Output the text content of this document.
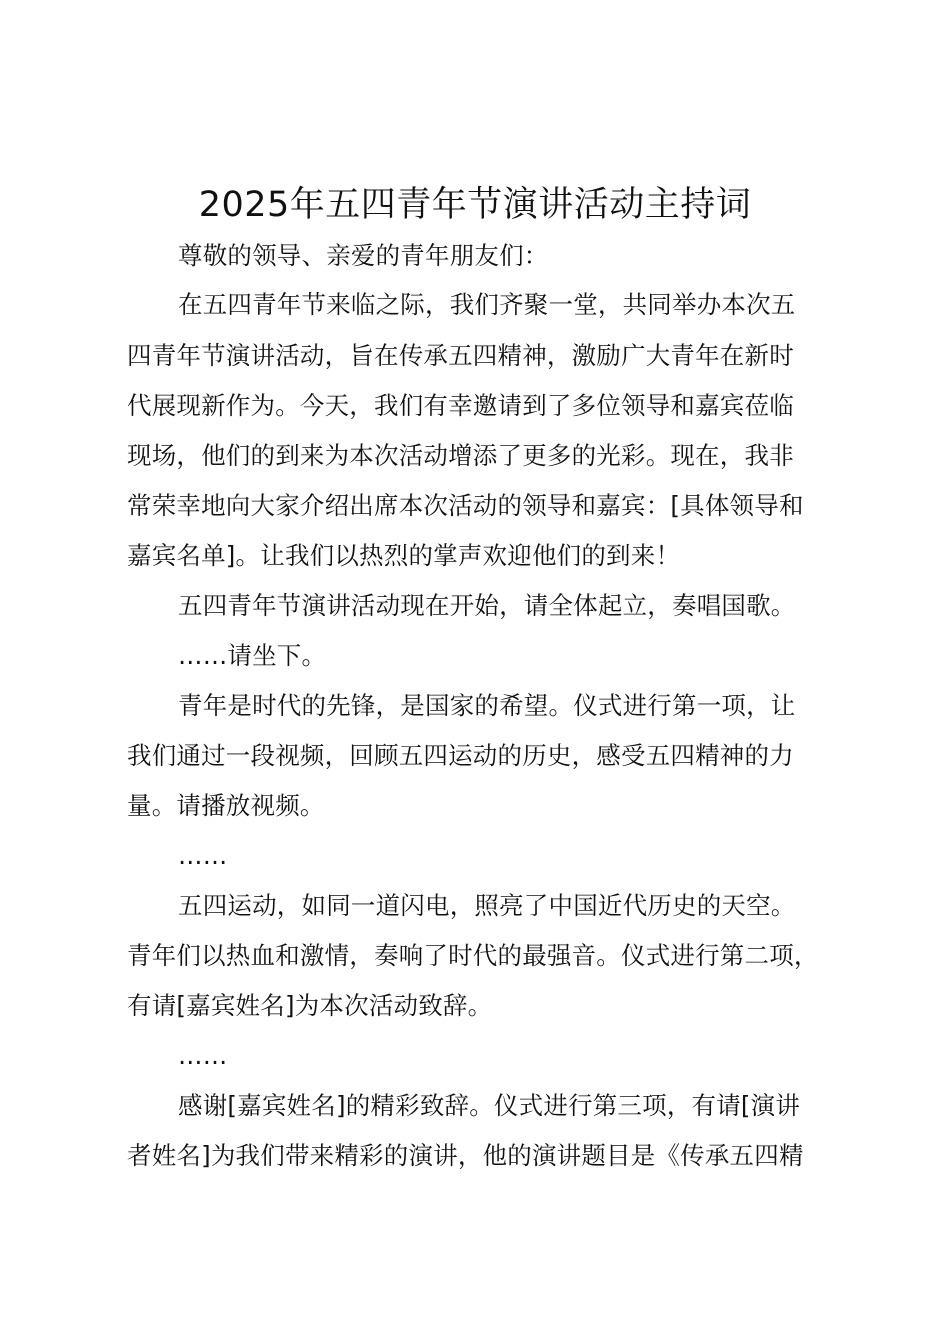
2025年五四青年节演讲活动主持词
尊敬的领导、亲爱的青年朋友们：
在五四青年节来临之际，我们齐聚一堂，共同举办本次五
四青年节演讲活动，旨在传承五四精神，激励广大青年在新时
代展现新作为。今天，我们有幸邀请到了多位领导和嘉宾莅临
现场，他们的到来为本次活动增添了更多的光彩。现在，我非
常荣幸地向大家介绍出席本次活动的领导和嘉宾：[具体领导和
嘉宾名单]。让我们以热烈的掌声欢迎他们的到来！
五四青年节演讲活动现在开始，请全体起立，奏唱国歌。
……请坐下。
青年是时代的先锋，是国家的希望。仪式进行第一项，让
我们通过一段视频，回顾五四运动的历史，感受五四精神的力
量。请播放视频。
……
五四运动，如同一道闪电，照亮了中国近代历史的天空。
青年们以热血和激情，奏响了时代的最强音。仪式进行第二项，
有请[嘉宾姓名]为本次活动致辞。
……
感谢[嘉宾姓名]的精彩致辞。仪式进行第三项，有请[演讲
者姓名]为我们带来精彩的演讲，他的演讲题目是《传承五四精
